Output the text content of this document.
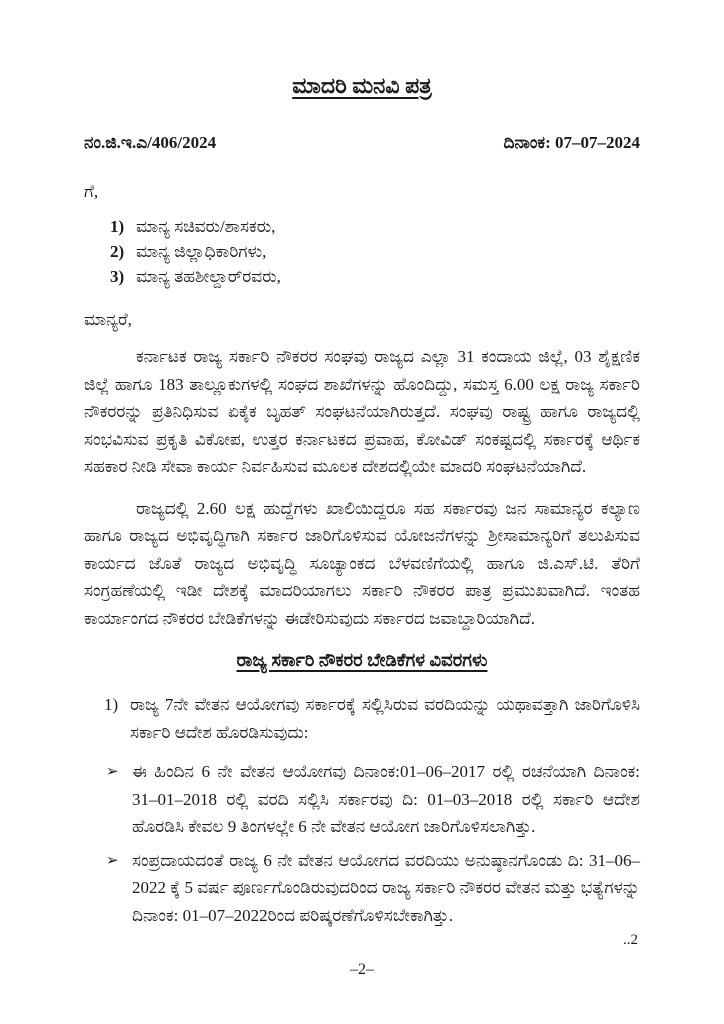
ಮಾದರಿ ಮನವಿ ಪತ್ರ
ನಂ.ಜಿ.ಇ.ಎ/406/2024	ದಿನಾಂಕ: 07–07–2024
ಗೆ,
1) ಮಾನ್ಯ ಸಚಿವರು/ಶಾಸಕರು,
2) ಮಾನ್ಯ ಜಿಲ್ಲಾಧಿಕಾರಿಗಳು,
3) ಮಾನ್ಯ ತಹಶೀಲ್ದಾರ್‌ರವರು,
ಮಾನ್ಯರೆ,
ಕರ್ನಾಟಕ ರಾಜ್ಯ ಸರ್ಕಾರಿ ನೌಕರರ ಸಂಘವು ರಾಜ್ಯದ ಎಲ್ಲಾ 31 ಕಂದಾಯ ಜಿಲ್ಲೆ, 03 ಶೈಕ್ಷಣಿಕ ಜಿಲ್ಲೆ ಹಾಗೂ 183 ತಾಲ್ಲೂಕುಗಳಲ್ಲಿ ಸಂಘದ ಶಾಖೆಗಳನ್ನು ಹೊಂದಿದ್ದು, ಸಮಸ್ತ 6.00 ಲಕ್ಷ ರಾಜ್ಯ ಸರ್ಕಾರಿ ನೌಕರರನ್ನು ಪ್ರತಿನಿಧಿಸುವ ಏಕೈಕ ಬೃಹತ್ ಸಂಘಟನೆಯಾಗಿರುತ್ತದೆ. ಸಂಘವು ರಾಷ್ಟ್ರ ಹಾಗೂ ರಾಜ್ಯದಲ್ಲಿ ಸಂಭವಿಸುವ ಪ್ರಕೃತಿ ವಿಕೋಪ, ಉತ್ತರ ಕರ್ನಾಟಕದ ಪ್ರವಾಹ, ಕೋವಿಡ್ ಸಂಕಷ್ಟದಲ್ಲಿ ಸರ್ಕಾರಕ್ಕೆ ಆರ್ಥಿಕ ಸಹಕಾರ ನೀಡಿ ಸೇವಾ ಕಾರ್ಯ ನಿರ್ವಹಿಸುವ ಮೂಲಕ ದೇಶದಲ್ಲಿಯೇ ಮಾದರಿ ಸಂಘಟನೆಯಾಗಿದೆ.
ರಾಜ್ಯದಲ್ಲಿ 2.60 ಲಕ್ಷ ಹುದ್ದೆಗಳು ಖಾಲಿಯಿದ್ದರೂ ಸಹ ಸರ್ಕಾರವು ಜನ ಸಾಮಾನ್ಯರ ಕಲ್ಯಾಣ ಹಾಗೂ ರಾಜ್ಯದ ಅಭಿವೃದ್ಧಿಗಾಗಿ ಸರ್ಕಾರ ಜಾರಿಗೊಳಿಸುವ ಯೋಜನೆಗಳನ್ನು ಶ್ರೀಸಾಮಾನ್ಯರಿಗೆ ತಲುಪಿಸುವ ಕಾರ್ಯದ ಜೊತೆ ರಾಜ್ಯದ ಅಭಿವೃದ್ಧಿ ಸೂಚ್ಯಾಂಕದ ಬೆಳವಣಿಗೆಯಲ್ಲಿ ಹಾಗೂ ಜಿ.ಎಸ್.ಟಿ. ತೆರಿಗೆ ಸಂಗ್ರಹಣೆಯಲ್ಲಿ ಇಡೀ ದೇಶಕ್ಕೆ ಮಾದರಿಯಾಗಲು ಸರ್ಕಾರಿ ನೌಕರರ ಪಾತ್ರ ಪ್ರಮುಖವಾಗಿದೆ. ಇಂತಹ ಕಾರ್ಯಾಂಗದ ನೌಕರರ ಬೇಡಿಕೆಗಳನ್ನು ಈಡೇರಿಸುವುದು ಸರ್ಕಾರದ ಜವಾಬ್ದಾರಿಯಾಗಿದೆ.
ರಾಜ್ಯ ಸರ್ಕಾರಿ ನೌಕರರ ಬೇಡಿಕೆಗಳ ವಿವರಗಳು
1) ರಾಜ್ಯ 7ನೇ ವೇತನ ಆಯೋಗವು ಸರ್ಕಾರಕ್ಕೆ ಸಲ್ಲಿಸಿರುವ ವರದಿಯನ್ನು ಯಥಾವತ್ತಾಗಿ ಜಾರಿಗೊಳಿಸಿ ಸರ್ಕಾರಿ ಆದೇಶ ಹೊರಡಿಸುವುದು:
➢ ಈ ಹಿಂದಿನ 6 ನೇ ವೇತನ ಆಯೋಗವು ದಿನಾಂಕ:01–06–2017 ರಲ್ಲಿ ರಚನೆಯಾಗಿ ದಿನಾಂಕ: 31–01–2018 ರಲ್ಲಿ ವರದಿ ಸಲ್ಲಿಸಿ ಸರ್ಕಾರವು ದಿ: 01–03–2018 ರಲ್ಲಿ ಸರ್ಕಾರಿ ಆದೇಶ ಹೊರಡಿಸಿ ಕೇವಲ 9 ತಿಂಗಳಲ್ಲೇ 6 ನೇ ವೇತನ ಆಯೋಗ ಜಾರಿಗೊಳಿಸಲಾಗಿತ್ತು.
➢ ಸಂಪ್ರದಾಯದಂತೆ ರಾಜ್ಯ 6 ನೇ ವೇತನ ಆಯೋಗದ ವರದಿಯು ಅನುಷ್ಠಾನಗೊಂಡು ದಿ: 31–06–2022 ಕ್ಕೆ 5 ವರ್ಷ ಪೂರ್ಣಗೊಂಡಿರುವುದರಿಂದ ರಾಜ್ಯ ಸರ್ಕಾರಿ ನೌಕರರ ವೇತನ ಮತ್ತು ಭತ್ಯೆಗಳನ್ನು ದಿನಾಂಕ: 01–07–2022ರಿಂದ ಪರಿಷ್ಕರಣೆಗೊಳಿಸಬೇಕಾಗಿತ್ತು.
..2
–2–
